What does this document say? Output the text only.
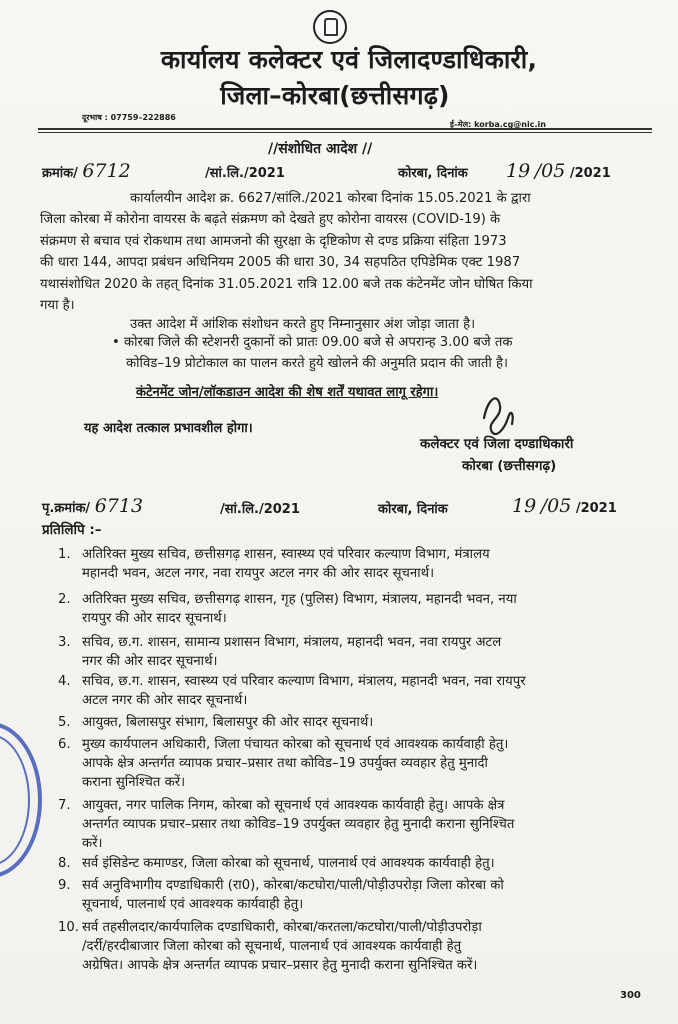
कार्यालय कलेक्टर एवं जिलादण्डाधिकारी,
जिला–कोरबा(छत्तीसगढ़)
दूरभाष : 07759–222886
ई–मेल: korba.cg@nic.in
//संशोधित आदेश //
क्रमांक/ 6712	/सां.लि./2021	कोरबा, दिनांक 19 /05 /2021
कार्यालयीन आदेश क्र. 6627/सांलि./2021 कोरबा दिनांक 15.05.2021 के द्वारा
जिला कोरबा में कोरोना वायरस के बढ़ते संक्रमण को देखते हुए कोरोना वायरस (COVID-19) के
संक्रमण से बचाव एवं रोकथाम तथा आमजनो की सुरक्षा के दृष्टिकोण से दण्ड प्रक्रिया संहिता 1973
की धारा 144, आपदा प्रबंधन अधिनियम 2005 की धारा 30, 34 सहपठित एपिडेमिक एक्ट 1987
यथासंशोधित 2020 के तहत् दिनांक 31.05.2021 रात्रि 12.00 बजे तक कंटेनमेंट जोन घोषित किया
गया है।
उक्त आदेश में आंशिक संशोधन करते हुए निम्नानुसार अंश जोड़ा जाता है।
• कोरबा जिले की स्टेशनरी दुकानों को प्रातः 09.00 बजे से अपरान्ह 3.00 बजे तक
कोविड–19 प्रोटोकाल का पालन करते हुये खोलने की अनुमति प्रदान की जाती है।
कंटेनमेंट जोन/लॉकडाउन आदेश की शेष शर्तें यथावत लागू रहेगा।
यह आदेश तत्काल प्रभावशील होगा।
कलेक्टर एवं जिला दण्डाधिकारी
कोरबा (छत्तीसगढ़)
पृ.क्रमांक/ 6713	/सां.लि./2021	कोरबा, दिनांक	19 /05 /2021
प्रतिलिपि :–
1. अतिरिक्त मुख्य सचिव, छत्तीसगढ़ शासन, स्वास्थ्य एवं परिवार कल्याण विभाग, मंत्रालय
महानदी भवन, अटल नगर, नवा रायपुर अटल नगर की ओर सादर सूचनार्थ।
2. अतिरिक्त मुख्य सचिव, छत्तीसगढ़ शासन, गृह (पुलिस) विभाग, मंत्रालय, महानदी भवन, नया
रायपुर की ओर सादर सूचनार्थ।
3. सचिव, छ.ग. शासन, सामान्य प्रशासन विभाग, मंत्रालय, महानदी भवन, नवा रायपुर अटल
नगर की ओर सादर सूचनार्थ।
4. सचिव, छ.ग. शासन, स्वास्थ्य एवं परिवार कल्याण विभाग, मंत्रालय, महानदी भवन, नवा रायपुर
अटल नगर की ओर सादर सूचनार्थ।
5. आयुक्त, बिलासपुर संभाग, बिलासपुर की ओर सादर सूचनार्थ।
6. मुख्य कार्यपालन अधिकारी, जिला पंचायत कोरबा को सूचनार्थ एवं आवश्यक कार्यवाही हेतु।
आपके क्षेत्र अन्तर्गत व्यापक प्रचार–प्रसार तथा कोविड–19 उपर्युक्त व्यवहार हेतु मुनादी
कराना सुनिश्चित करें।
7. आयुक्त, नगर पालिक निगम, कोरबा को सूचनार्थ एवं आवश्यक कार्यवाही हेतु। आपके क्षेत्र
अन्तर्गत व्यापक प्रचार–प्रसार तथा कोविड–19 उपर्युक्त व्यवहार हेतु मुनादी कराना सुनिश्चित
करें।
8. सर्व इंसिडेन्ट कमाण्डर, जिला कोरबा को सूचनार्थ, पालनार्थ एवं आवश्यक कार्यवाही हेतु।
9. सर्व अनुविभागीय दण्डाधिकारी (रा0), कोरबा/कटघोरा/पाली/पोड़ीउपरोड़ा जिला कोरबा को
सूचनार्थ, पालनार्थ एवं आवश्यक कार्यवाही हेतु।
10. सर्व तहसीलदार/कार्यपालिक दण्डाधिकारी, कोरबा/करतला/कटघोरा/पाली/पोड़ीउपरोड़ा
/दर्री/हरदीबाजार जिला कोरबा को सूचनार्थ, पालनार्थ एवं आवश्यक कार्यवाही हेतु
अग्रेषित। आपके क्षेत्र अन्तर्गत व्यापक प्रचार–प्रसार हेतु मुनादी कराना सुनिश्चित करें।
300
